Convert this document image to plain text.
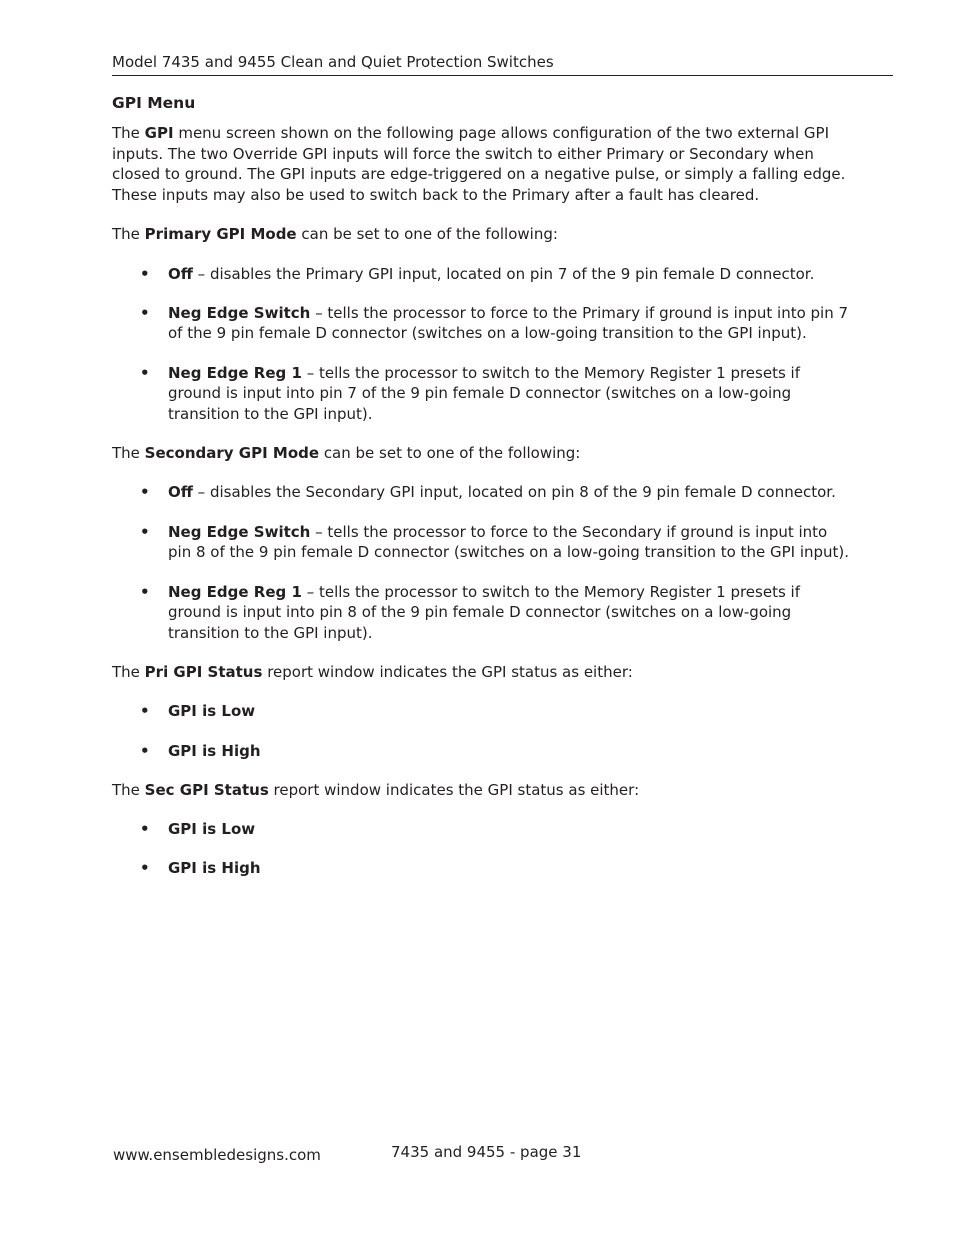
Model 7435 and 9455 Clean and Quiet Protection Switches
GPI Menu

The GPI menu screen shown on the following page allows configuration of the two external GPI inputs. The two Override GPI inputs will force the switch to either Primary or Secondary when closed to ground. The GPI inputs are edge-triggered on a negative pulse, or simply a falling edge. These inputs may also be used to switch back to the Primary after a fault has cleared.

The Primary GPI Mode can be set to one of the following:

• Off – disables the Primary GPI input, located on pin 7 of the 9 pin female D connector.
• Neg Edge Switch – tells the processor to force to the Primary if ground is input into pin 7 of the 9 pin female D connector (switches on a low-going transition to the GPI input).
• Neg Edge Reg 1 – tells the processor to switch to the Memory Register 1 presets if ground is input into pin 7 of the 9 pin female D connector (switches on a low-going transition to the GPI input).

The Secondary GPI Mode can be set to one of the following:

• Off – disables the Secondary GPI input, located on pin 8 of the 9 pin female D connector.
• Neg Edge Switch – tells the processor to force to the Secondary if ground is input into pin 8 of the 9 pin female D connector (switches on a low-going transition to the GPI input).
• Neg Edge Reg 1 – tells the processor to switch to the Memory Register 1 presets if ground is input into pin 8 of the 9 pin female D connector (switches on a low-going transition to the GPI input).

The Pri GPI Status report window indicates the GPI status as either:

• GPI is Low
• GPI is High

The Sec GPI Status report window indicates the GPI status as either:

• GPI is Low
• GPI is High
www.ensembledesigns.com	7435 and 9455 - page 31
